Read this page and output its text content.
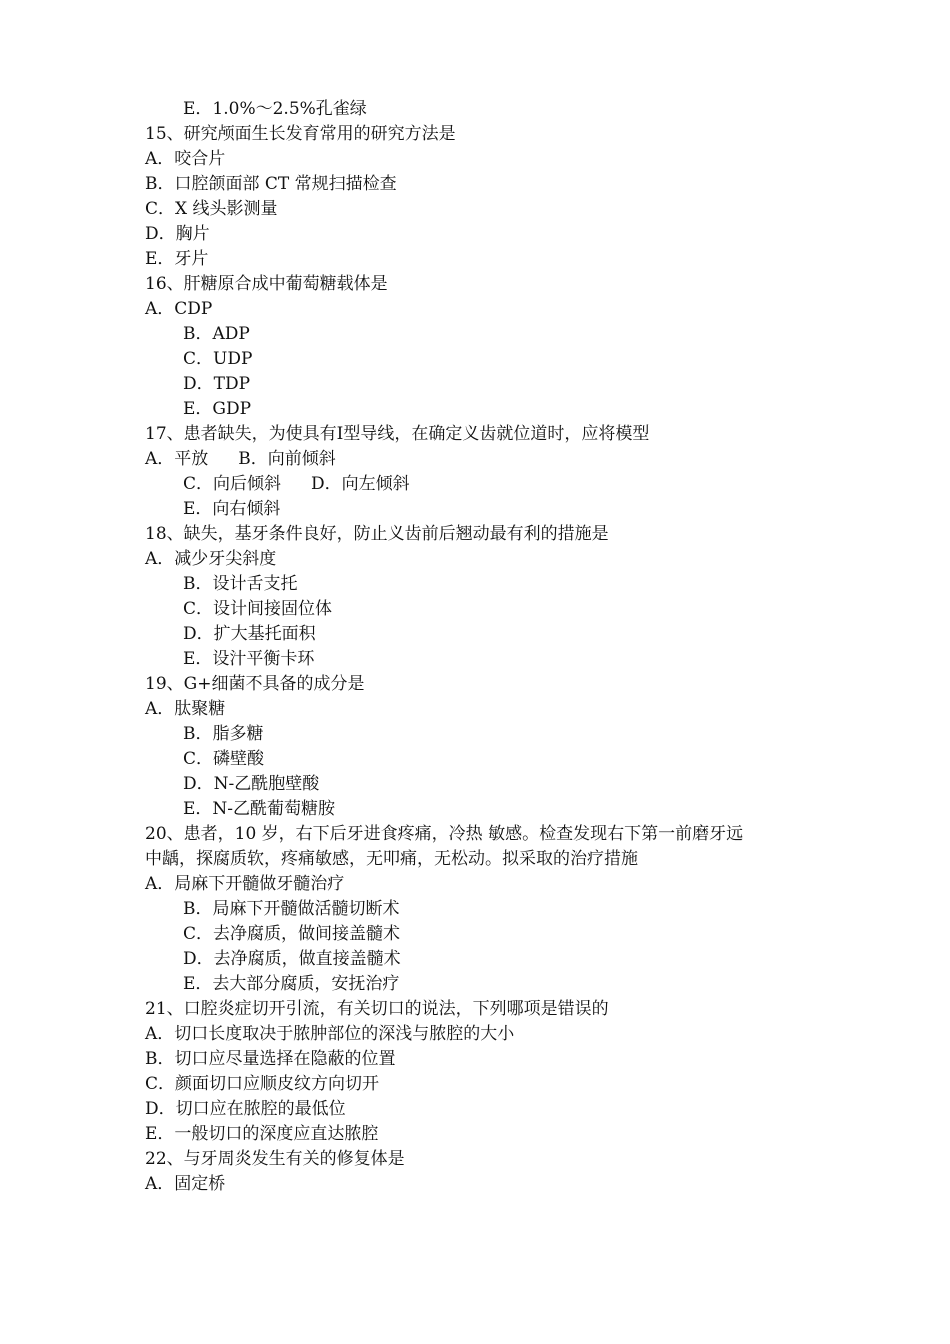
E．1.0%～2.5%孔雀绿
15、研究颅面生长发育常用的研究方法是
A．咬合片
B．口腔颌面部 CT 常规扫描检查
C．X 线头影测量
D．胸片
E．牙片
16、肝糖原合成中葡萄糖载体是
A．CDP
B．ADP
C．UDP
D．TDP
E．GDP
17、患者缺失，为使具有Ⅰ型导线，在确定义齿就位道时，应将模型
A．平放 B．向前倾斜
C．向后倾斜 D．向左倾斜
E．向右倾斜
18、缺失，基牙条件良好，防止义齿前后翘动最有利的措施是
A．减少牙尖斜度
B．设计舌支托
C．设计间接固位体
D．扩大基托面积
E．设汁平衡卡环
19、G+细菌不具备的成分是
A．肽聚糖
B．脂多糖
C．磷壁酸
D．N-乙酰胞壁酸
E．N-乙酰葡萄糖胺
20、患者，10 岁，右下后牙进食疼痛，冷热 敏感。检查发现右下第一前磨牙远
中龋，探腐质软，疼痛敏感，无叩痛，无松动。拟采取的治疗措施
A．局麻下开髓做牙髓治疗
B．局麻下开髓做活髓切断术
C．去净腐质，做间接盖髓术
D．去净腐质，做直接盖髓术
E．去大部分腐质，安抚治疗
21、口腔炎症切开引流，有关切口的说法，下列哪项是错误的
A．切口长度取决于脓肿部位的深浅与脓腔的大小
B．切口应尽量选择在隐蔽的位置
C．颜面切口应顺皮纹方向切开
D．切口应在脓腔的最低位
E．一般切口的深度应直达脓腔
22、与牙周炎发生有关的修复体是
A．固定桥
